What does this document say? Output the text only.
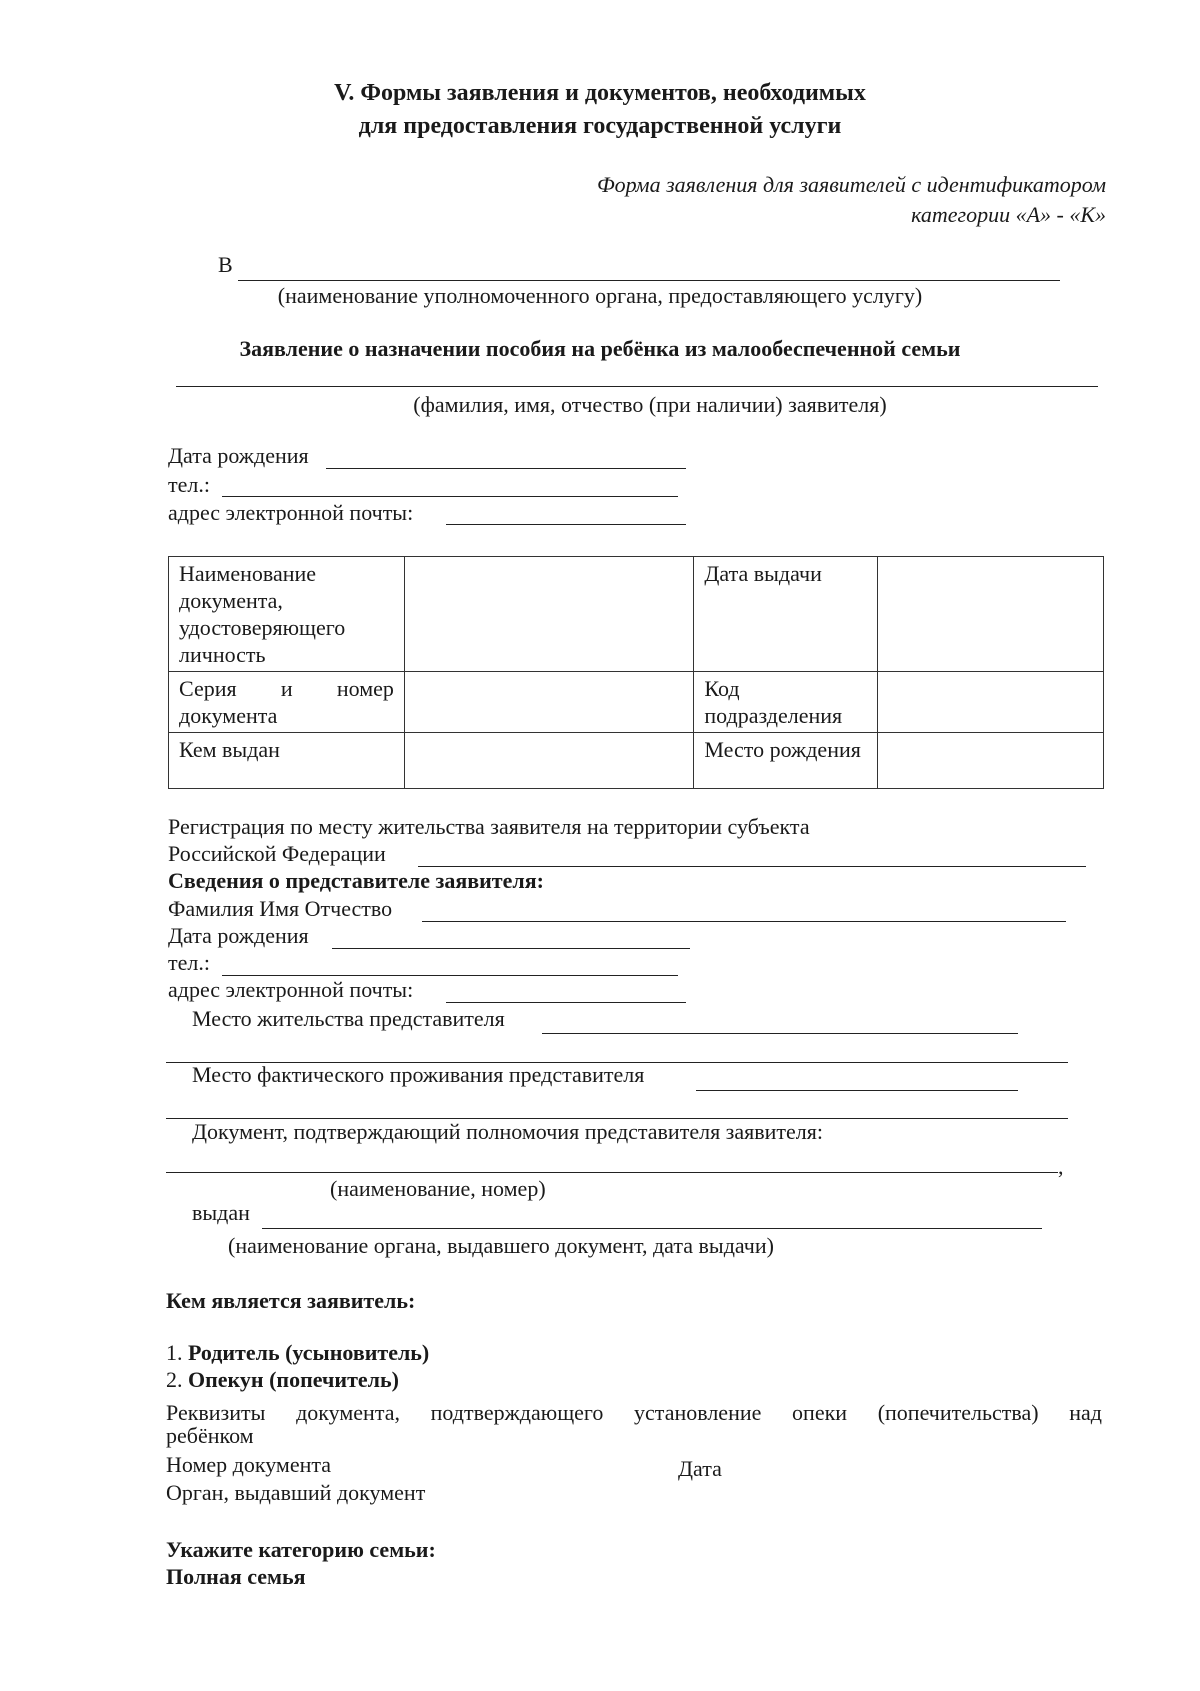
V. Формы заявления и документов, необходимых
для предоставления государственной услуги
Форма заявления для заявителей с идентификатором
категории «А» - «К»
В
(наименование уполномоченного органа, предоставляющего услугу)
Заявление о назначении пособия на ребёнка из малообеспеченной семьи
(фамилия, имя, отчество (при наличии) заявителя)
Дата рождения
тел.:
адрес электронной почты:
Наименование документа, удостоверяющего личность		Дата выдачи	

Серия и номер документа		Код подразделения	
Кем выдан		Место рождения	
Регистрация по месту жительства заявителя на территории субъекта
Российской Федерации
Сведения о представителе заявителя:
Фамилия Имя Отчество
Дата рождения
тел.:
адрес электронной почты:
Место жительства представителя
Место фактического проживания представителя
Документ, подтверждающий полномочия представителя заявителя:
,
(наименование, номер)
выдан
(наименование органа, выдавшего документ, дата выдачи)
Кем является заявитель:
1. Родитель (усыновитель)
2. Опекун (попечитель)
Реквизиты документа, подтверждающего установление опеки (попечительства) над
ребёнком
Номер документа	Дата
Орган, выдавший документ
Укажите категорию семьи:
Полная семья
